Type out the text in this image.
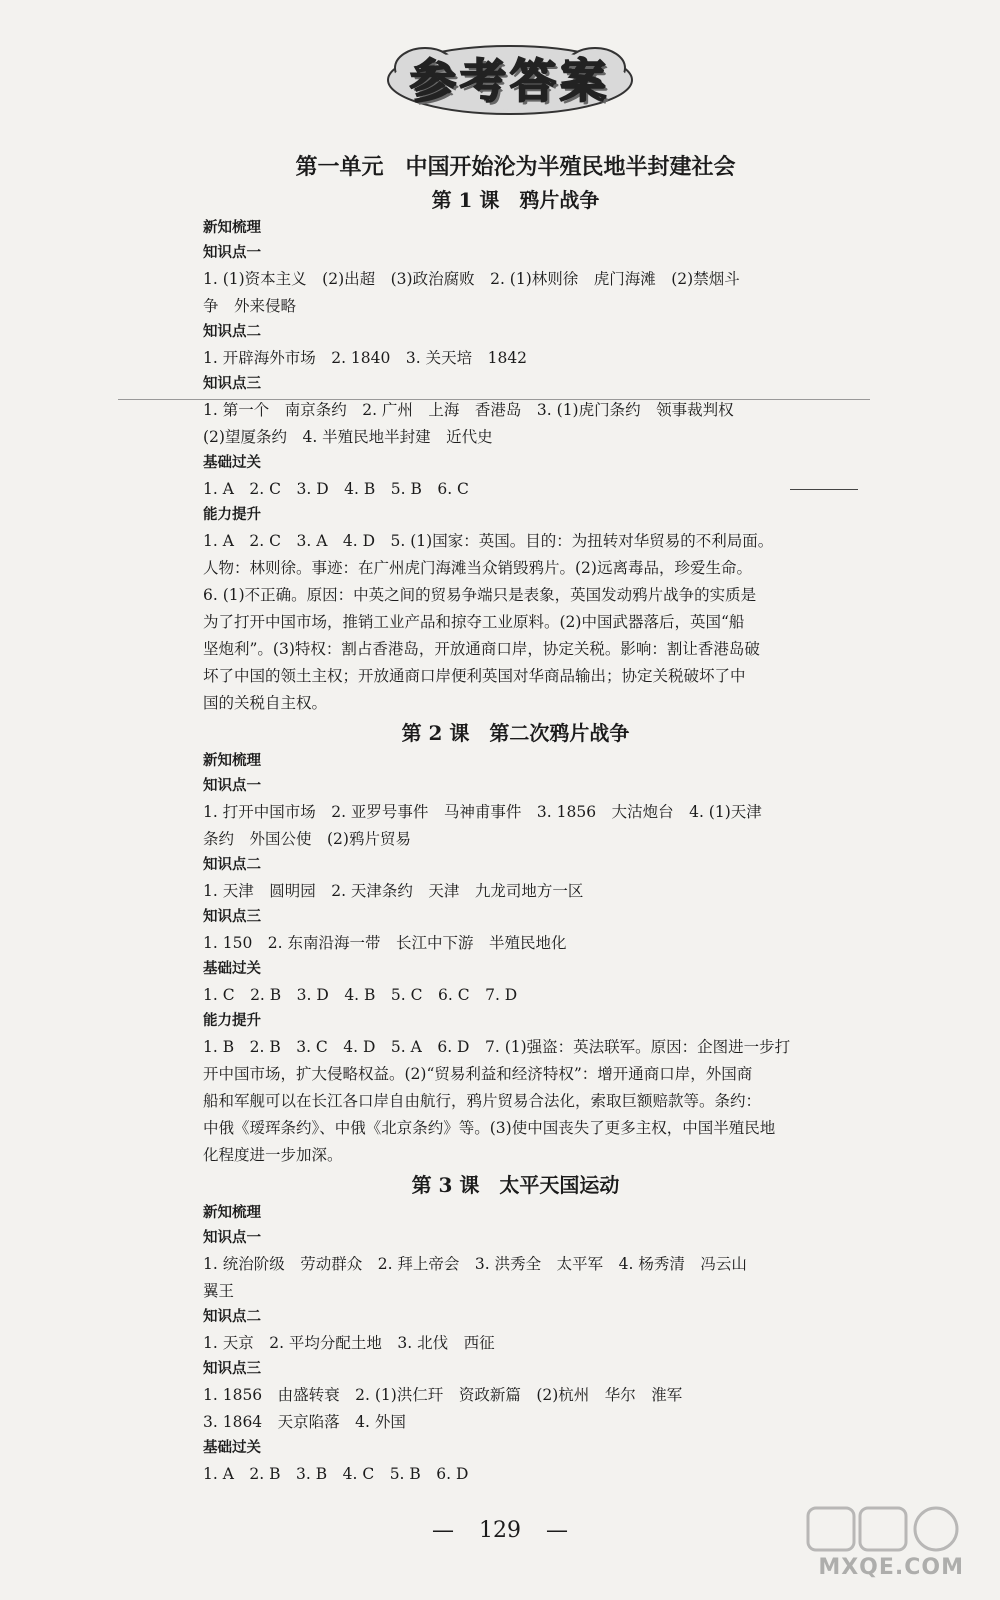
参考答案
第一单元　中国开始沦为半殖民地半封建社会
第 1 课　鸦片战争
新知梳理
知识点一
1. (1)资本主义　(2)出超　(3)政治腐败　2. (1)林则徐　虎门海滩　(2)禁烟斗
争　外来侵略
知识点二
1. 开辟海外市场　2. 1840　3. 关天培　1842
知识点三
1. 第一个　南京条约　2. 广州　上海　香港岛　3. (1)虎门条约　领事裁判权
(2)望厦条约　4. 半殖民地半封建　近代史
基础过关
1. A　2. C　3. D　4. B　5. B　6. C
能力提升
1. A　2. C　3. A　4. D　5. (1)国家：英国。目的：为扭转对华贸易的不利局面。
人物：林则徐。事迹：在广州虎门海滩当众销毁鸦片。(2)远离毒品，珍爱生命。
6. (1)不正确。原因：中英之间的贸易争端只是表象，英国发动鸦片战争的实质是
为了打开中国市场，推销工业产品和掠夺工业原料。(2)中国武器落后，英国“船
坚炮利”。(3)特权：割占香港岛，开放通商口岸，协定关税。影响：割让香港岛破
坏了中国的领土主权；开放通商口岸便利英国对华商品输出；协定关税破坏了中
国的关税自主权。
第 2 课　第二次鸦片战争
新知梳理
知识点一
1. 打开中国市场　2. 亚罗号事件　马神甫事件　3. 1856　大沽炮台　4. (1)天津
条约　外国公使　(2)鸦片贸易
知识点二
1. 天津　圆明园　2. 天津条约　天津　九龙司地方一区
知识点三
1. 150　2. 东南沿海一带　长江中下游　半殖民地化
基础过关
1. C　2. B　3. D　4. B　5. C　6. C　7. D
能力提升
1. B　2. B　3. C　4. D　5. A　6. D　7. (1)强盗：英法联军。原因：企图进一步打
开中国市场，扩大侵略权益。(2)“贸易利益和经济特权”：增开通商口岸，外国商
船和军舰可以在长江各口岸自由航行，鸦片贸易合法化，索取巨额赔款等。条约：
中俄《瑷珲条约》、中俄《北京条约》等。(3)使中国丧失了更多主权，中国半殖民地
化程度进一步加深。
第 3 课　太平天国运动
新知梳理
知识点一
1. 统治阶级　劳动群众　2. 拜上帝会　3. 洪秀全　太平军　4. 杨秀清　冯云山
翼王
知识点二
1. 天京　2. 平均分配土地　3. 北伐　西征
知识点三
1. 1856　由盛转衰　2. (1)洪仁玕　资政新篇　(2)杭州　华尔　淮军
3. 1864　天京陷落　4. 外国
基础过关
1. A　2. B　3. B　4. C　5. B　6. D
— 129 —
MXQE.COM
